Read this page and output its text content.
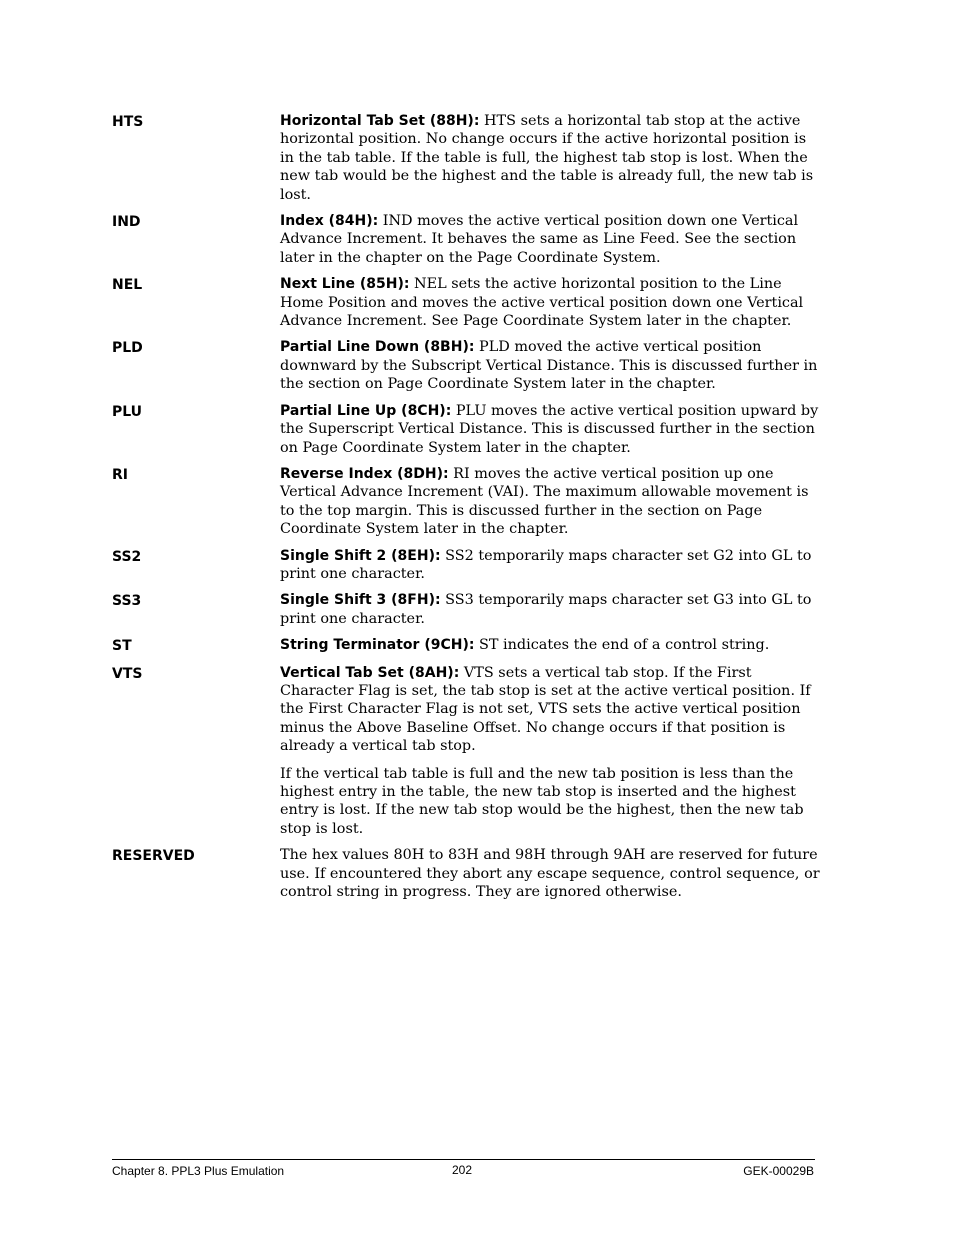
HTS	Horizontal Tab Set (88H): HTS sets a horizontal tab stop at the active horizontal position. No change occurs if the active horizontal position is in the tab table. If the table is full, the highest tab stop is lost. When the new tab would be the highest and the table is already full, the new tab is lost.

IND	Index (84H): IND moves the active vertical position down one Vertical Advance Increment. It behaves the same as Line Feed. See the section later in the chapter on the Page Coordinate System.

NEL	Next Line (85H): NEL sets the active horizontal position to the Line Home Position and moves the active vertical position down one Vertical Advance Increment. See Page Coordinate System later in the chapter.

PLD	Partial Line Down (8BH): PLD moved the active vertical position downward by the Subscript Vertical Distance. This is discussed further in the section on Page Coordinate System later in the chapter.

PLU	Partial Line Up (8CH): PLU moves the active vertical position upward by the Superscript Vertical Distance. This is discussed further in the section on Page Coordinate System later in the chapter.

RI	Reverse Index (8DH): RI moves the active vertical position up one Vertical Advance Increment (VAI). The maximum allowable movement is to the top margin. This is discussed further in the section on Page Coordinate System later in the chapter.

SS2	Single Shift 2 (8EH): SS2 temporarily maps character set G2 into GL to print one character.

SS3	Single Shift 3 (8FH): SS3 temporarily maps character set G3 into GL to print one character.

ST	String Terminator (9CH): ST indicates the end of a control string.

VTS	Vertical Tab Set (8AH): VTS sets a vertical tab stop. If the First Character Flag is set, the tab stop is set at the active vertical position. If the First Character Flag is not set, VTS sets the active vertical position minus the Above Baseline Offset. No change occurs if that position is already a vertical tab stop.

If the vertical tab table is full and the new tab position is less than the highest entry in the table, the new tab stop is inserted and the highest entry is lost. If the new tab stop would be the highest, then the new tab stop is lost.

RESERVED	The hex values 80H to 83H and 98H through 9AH are reserved for future use. If encountered they abort any escape sequence, control sequence, or control string in progress. They are ignored otherwise.

Chapter 8. PPL3 Plus Emulation	202	GEK-00029B
